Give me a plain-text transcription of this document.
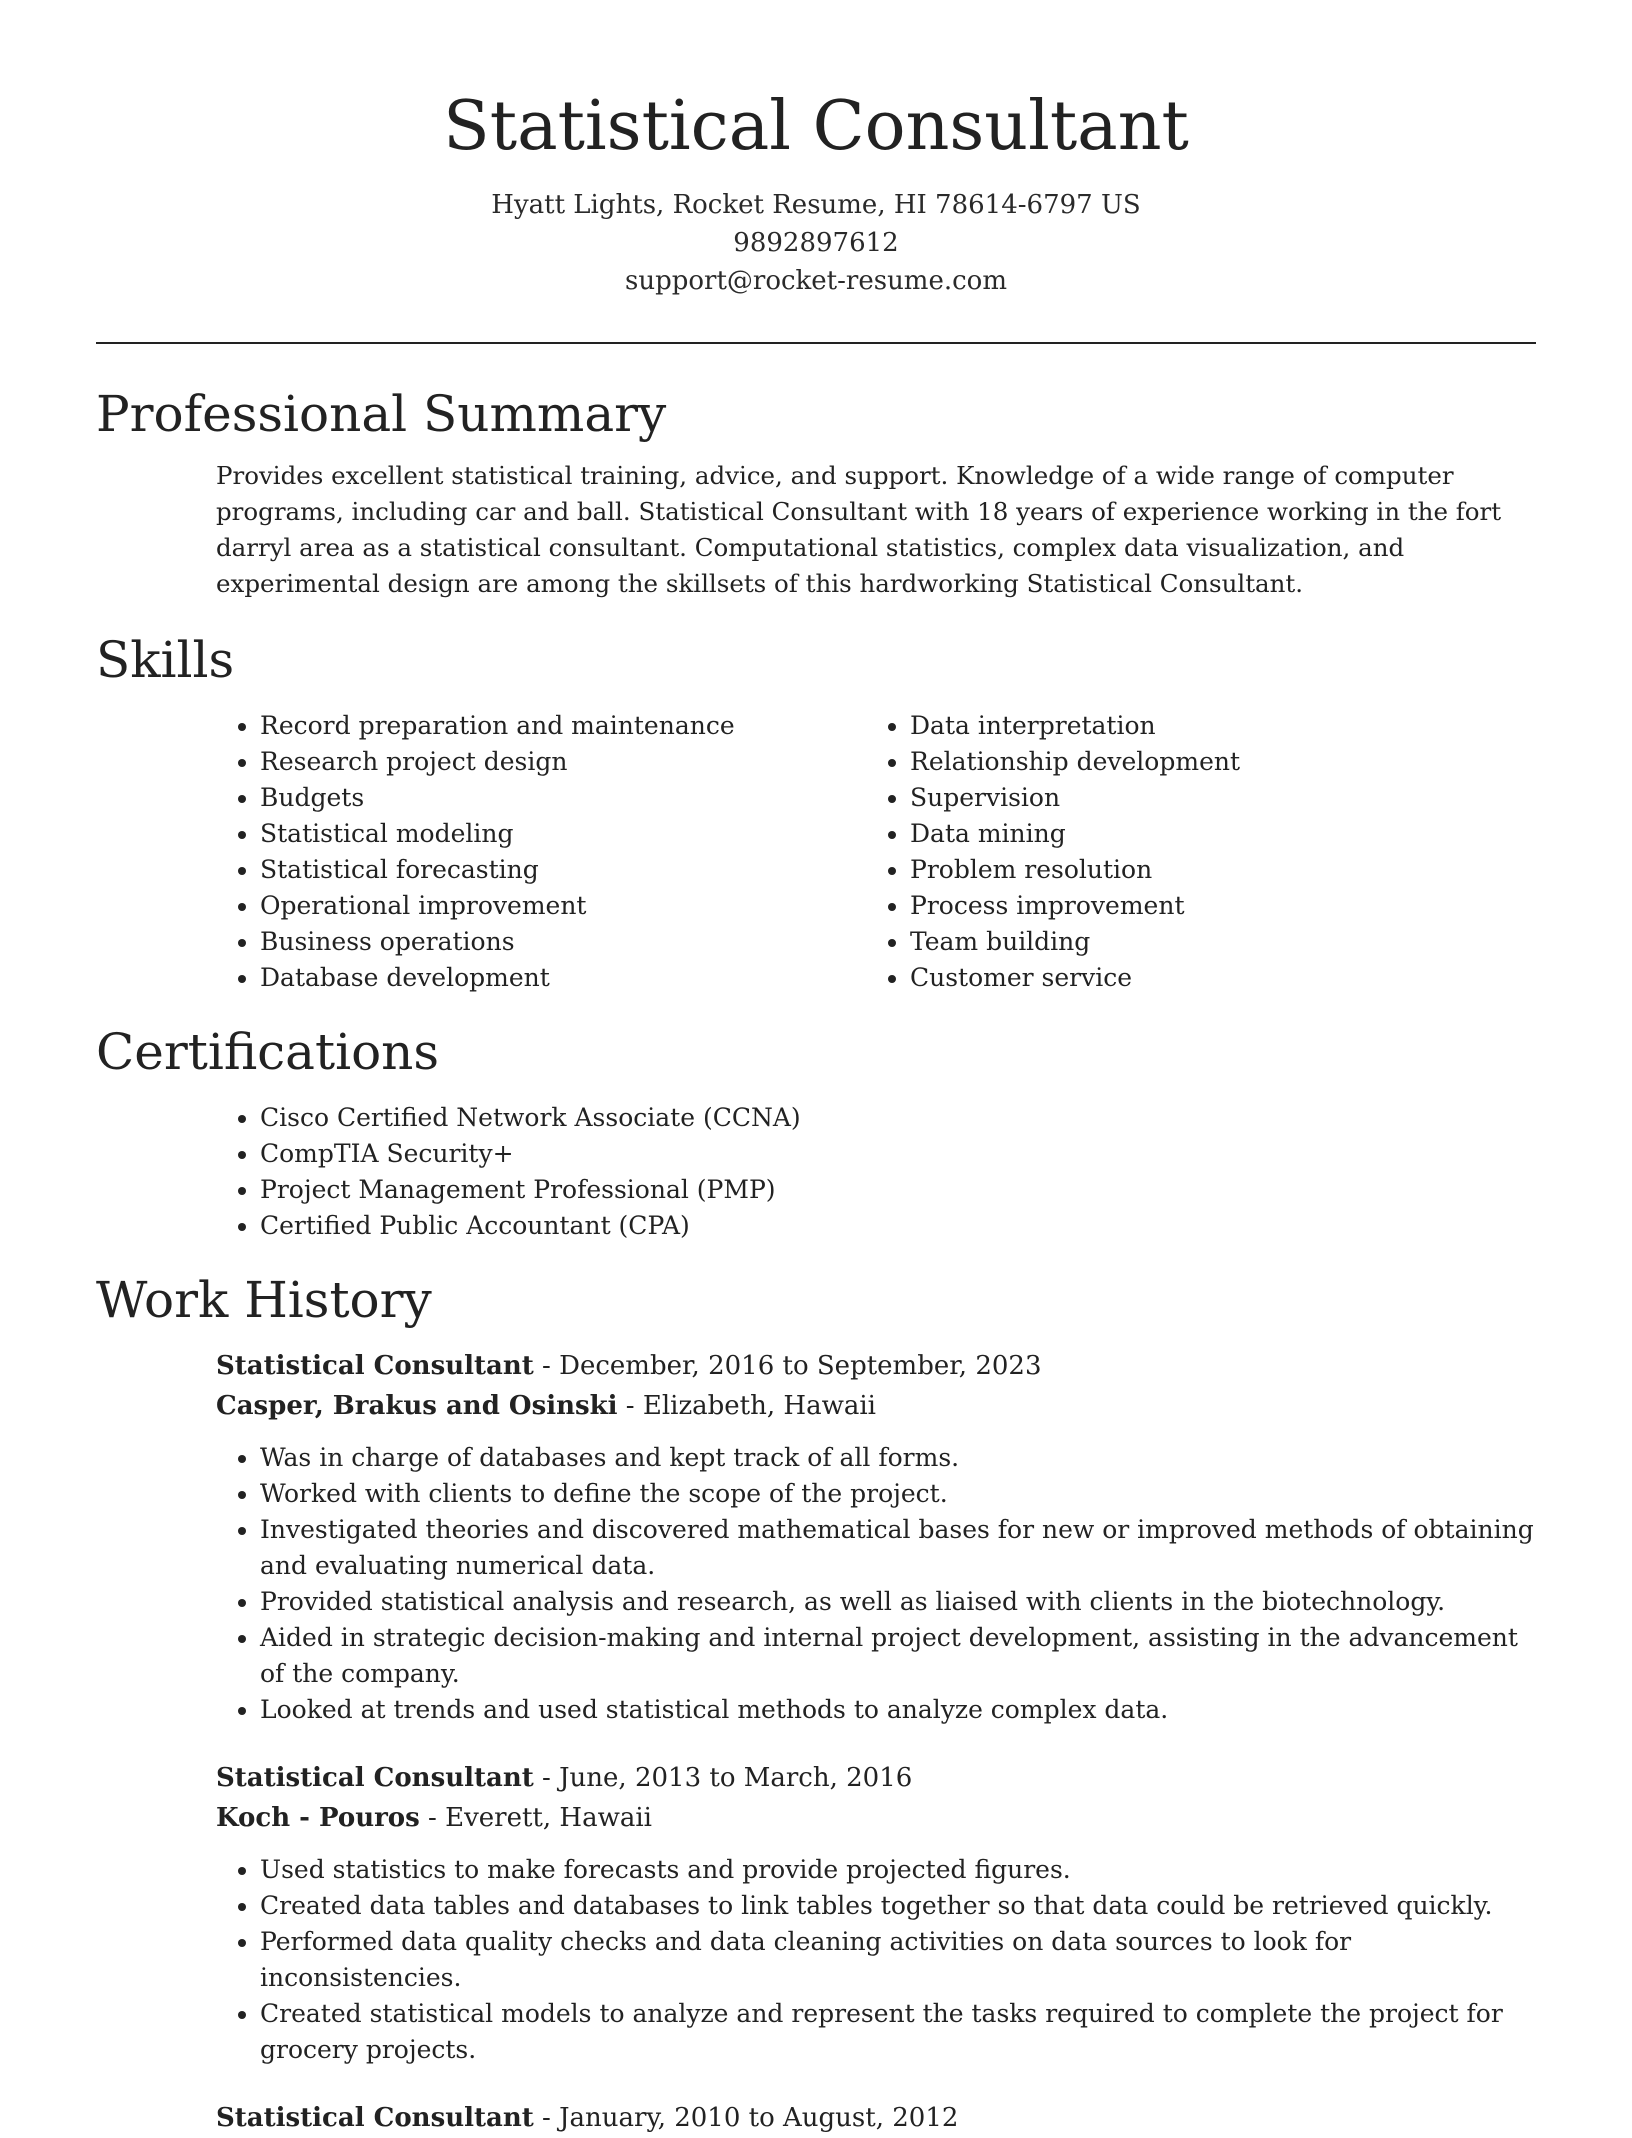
Statistical Consultant
Hyatt Lights, Rocket Resume, HI 78614-6797 US
9892897612
support@rocket-resume.com
Professional Summary

Provides excellent statistical training, advice, and support. Knowledge of a wide range of computer programs, including car and ball. Statistical Consultant with 18 years of experience working in the fort darryl area as a statistical consultant. Computational statistics, complex data visualization, and experimental design are among the skillsets of this hardworking Statistical Consultant.

Skills
• Record preparation and maintenance
• Research project design
• Budgets
• Statistical modeling
• Statistical forecasting
• Operational improvement
• Business operations
• Database development
• Data interpretation
• Relationship development
• Supervision
• Data mining
• Problem resolution
• Process improvement
• Team building
• Customer service
Certifications
• Cisco Certified Network Associate (CCNA)
• CompTIA Security+
• Project Management Professional (PMP)
• Certified Public Accountant (CPA)
Work History
Statistical Consultant - December, 2016 to September, 2023
Casper, Brakus and Osinski - Elizabeth, Hawaii
• Was in charge of databases and kept track of all forms.
• Worked with clients to define the scope of the project.
• Investigated theories and discovered mathematical bases for new or improved methods of obtaining and evaluating numerical data.
• Provided statistical analysis and research, as well as liaised with clients in the biotechnology.
• Aided in strategic decision-making and internal project development, assisting in the advancement of the company.
• Looked at trends and used statistical methods to analyze complex data.
Statistical Consultant - June, 2013 to March, 2016
Koch - Pouros - Everett, Hawaii
• Used statistics to make forecasts and provide projected figures.
• Created data tables and databases to link tables together so that data could be retrieved quickly.
• Performed data quality checks and data cleaning activities on data sources to look for inconsistencies.
• Created statistical models to analyze and represent the tasks required to complete the project for grocery projects.
Statistical Consultant - January, 2010 to August, 2012
